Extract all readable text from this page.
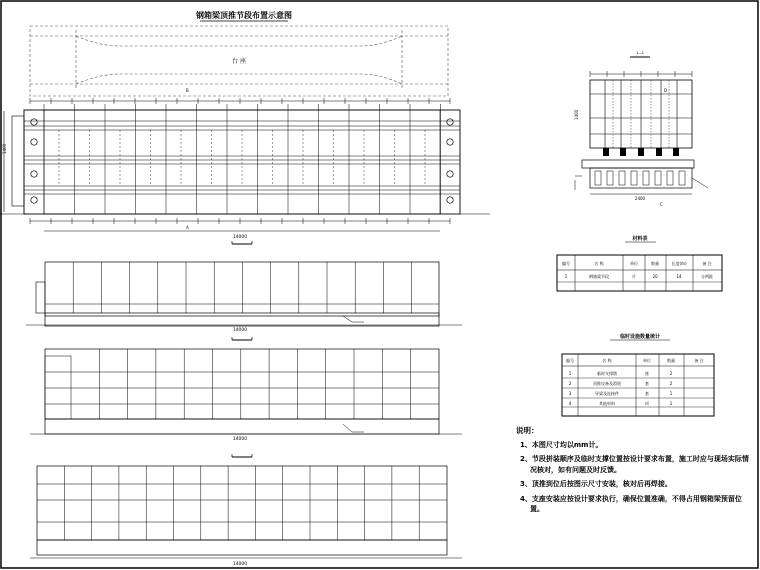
钢箱梁顶推节段布置示意图
台 座
1400
14000
A
B
14000
14000
14000
1—1
2400
C
D
1400
材料表
编号	名 称	单位	数量	长度(m)	备 注
1	钢箱梁节段	片	20	14	分两批
临时设施数量统计
编号	名 称	单位	数量	备 注
1	临时支撑墩	座	2
2	顶推设备及滑道	套	2
3	导梁及连接件	套	1
4	其他材料	项	1
说明：
1、本图尺寸均以mm计。
2、节段拼装顺序及临时支撑位置按设计要求布置，施工时应与现场实际情况核对，如有问题及时反馈。
3、顶推到位后按图示尺寸安装，核对后再焊接。
4、支座安装应按设计要求执行，确保位置准确，不得占用钢箱梁预留位置。
